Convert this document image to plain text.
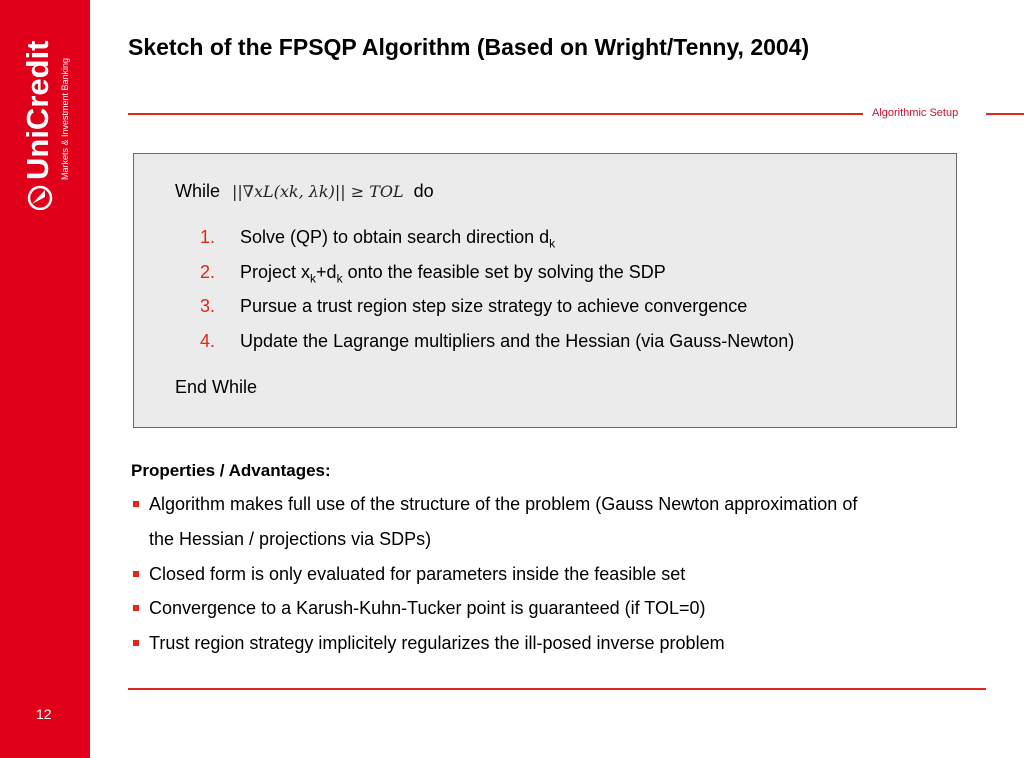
UniCredit Markets & Investment Banking
12
Sketch of the FPSQP Algorithm (Based on Wright/Tenny, 2004)
Algorithmic Setup
While ||∇xL(xk, λk)|| ≥ TOL do
1.	Solve (QP) to obtain search direction $d_k$
2.	Project $x_k+d_k$ onto the feasible set by solving the SDP
3.	Pursue a trust region step size strategy to achieve convergence
4.	Update the Lagrange multipliers and the Hessian (via Gauss-Newton)
End While
Properties / Advantages:
Algorithm makes full use of the structure of the problem (Gauss Newton approximation of the Hessian / projections via SDPs)
Closed form is only evaluated for parameters inside the feasible set
Convergence to a Karush-Kuhn-Tucker point is guaranteed (if TOL=0)
Trust region strategy implicitely regularizes the ill-posed inverse problem
